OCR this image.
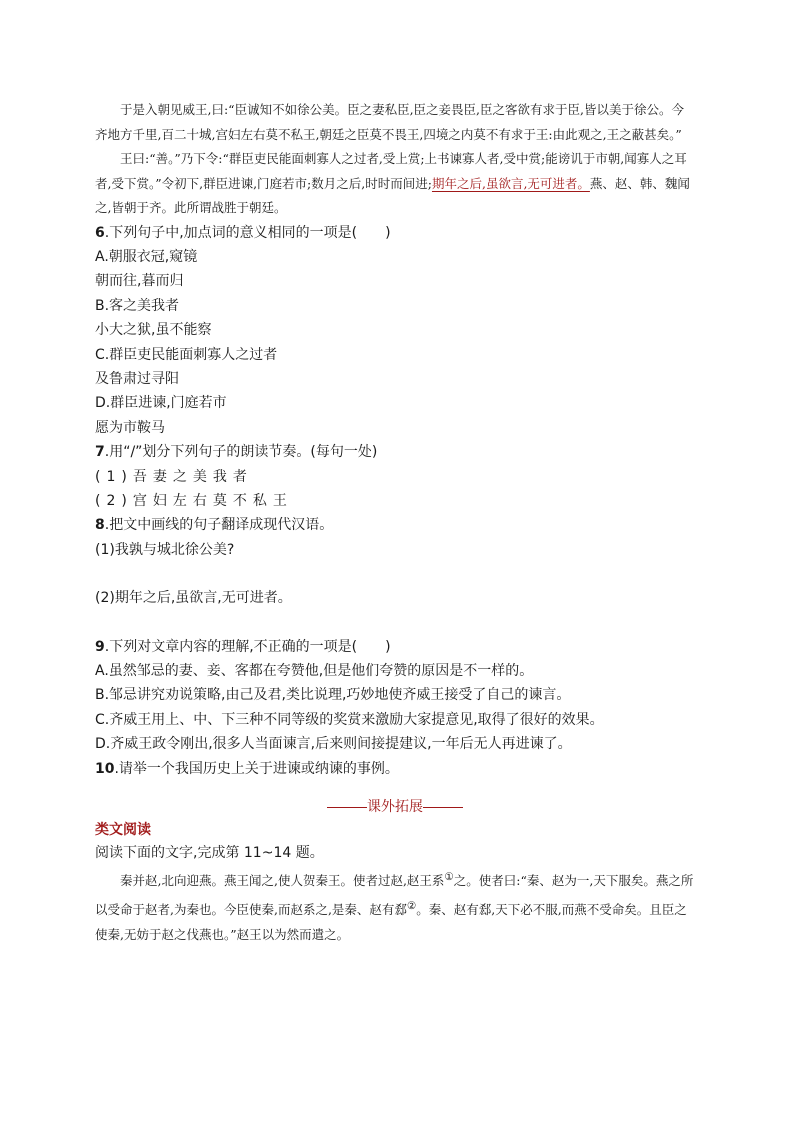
于是入朝见威王,曰:“臣诚知不如徐公美。臣之妻私臣,臣之妾畏臣,臣之客欲有求于臣,皆以美于徐公。今齐地方千里,百二十城,宫妇左右莫不私王,朝廷之臣莫不畏王,四境之内莫不有求于王:由此观之,王之蔽甚矣。”

王曰:“善。”乃下令:“群臣吏民能面刺寡人之过者,受上赏;上书谏寡人者,受中赏;能谤讥于市朝,闻寡人之耳者,受下赏。”令初下,群臣进谏,门庭若市;数月之后,时时而间进;期年之后,虽欲言,无可进者。燕、赵、韩、魏闻之,皆朝于齐。此所谓战胜于朝廷。

6.下列句子中,加点词的意义相同的一项是(　　)

A.朝服衣冠,窥镜

朝而往,暮而归

B.客之美我者

小大之狱,虽不能察

C.群臣吏民能面刺寡人之过者

及鲁肃过寻阳

D.群臣进谏,门庭若市

愿为市鞍马

7.用“/”划分下列句子的朗读节奏。(每句一处)

(1)吾妻之美我者

(2)宫妇左右莫不私王

8.把文中画线的句子翻译成现代汉语。

(1)我孰与城北徐公美?

(2)期年之后,虽欲言,无可进者。

9.下列对文章内容的理解,不正确的一项是(　　)

A.虽然邹忌的妻、妾、客都在夸赞他,但是他们夸赞的原因是不一样的。

B.邹忌讲究劝说策略,由己及君,类比说理,巧妙地使齐威王接受了自己的谏言。

C.齐威王用上、中、下三种不同等级的奖赏来激励大家提意见,取得了很好的效果。

D.齐威王政令刚出,很多人当面谏言,后来则间接提建议,一年后无人再进谏了。

10.请举一个我国历史上关于进谏或纳谏的事例。

课外拓展

类文阅读

阅读下面的文字,完成第 11~14 题。

秦并赵,北向迎燕。燕王闻之,使人贺秦王。使者过赵,赵王系①之。使者曰:“秦、赵为一,天下服矣。燕之所以受命于赵者,为秦也。今臣使秦,而赵系之,是秦、赵有郄②。秦、赵有郄,天下必不服,而燕不受命矣。且臣之使秦,无妨于赵之伐燕也。”赵王以为然而遣之。
